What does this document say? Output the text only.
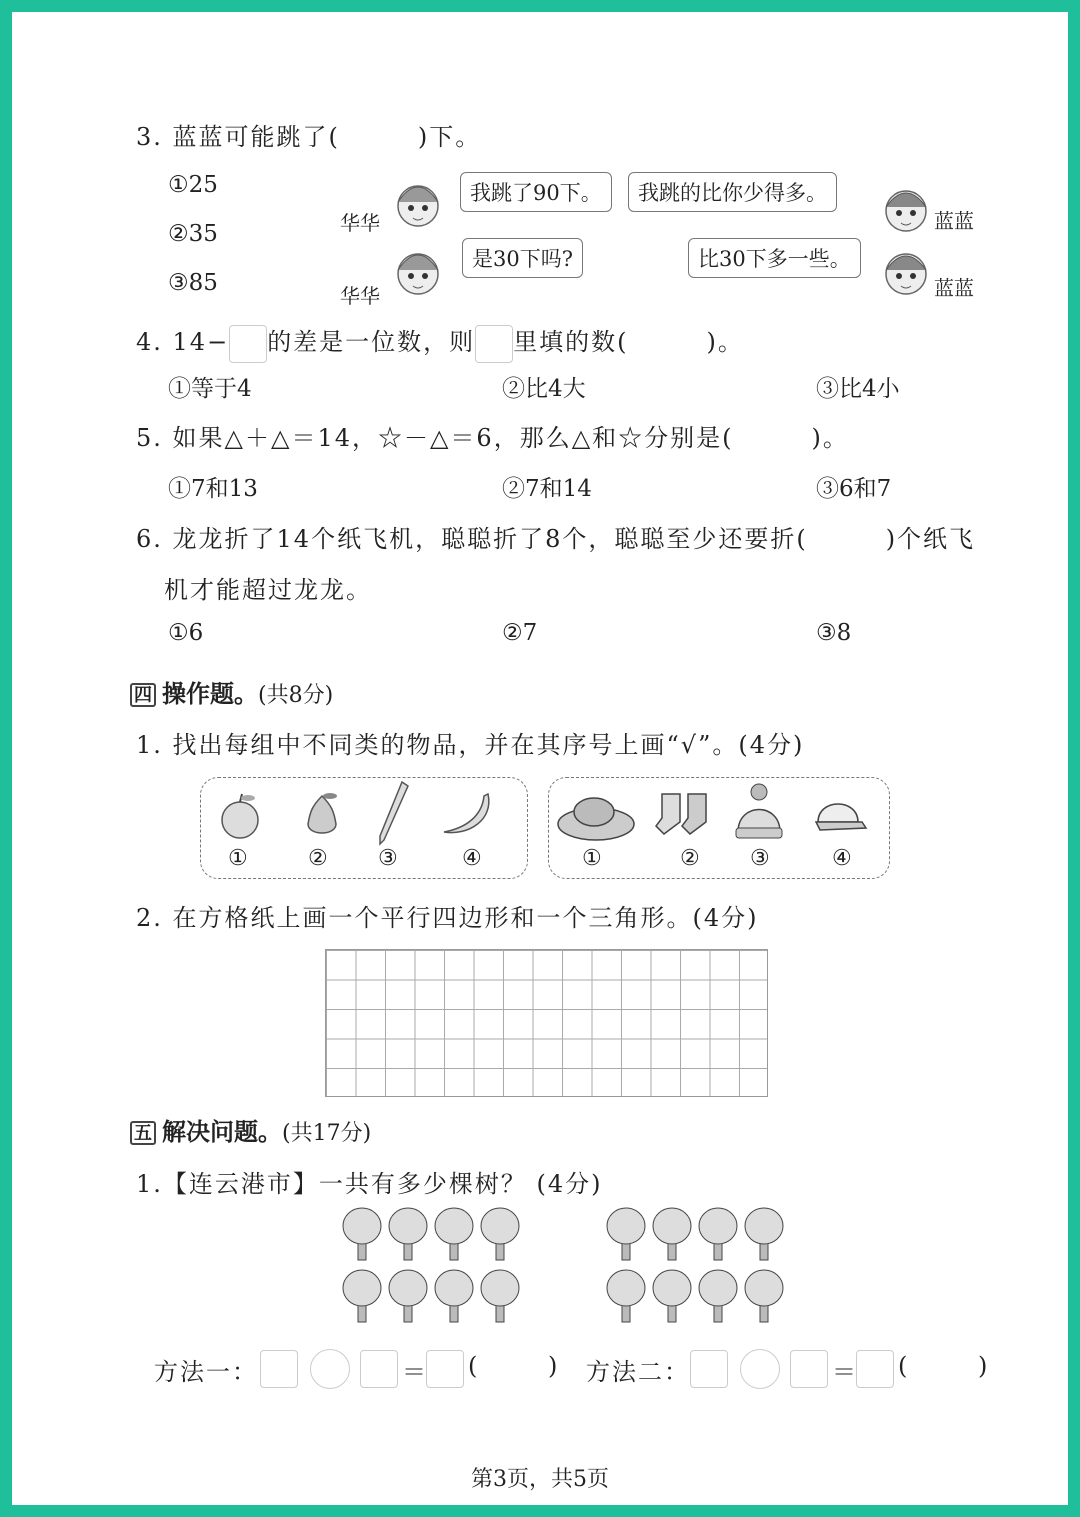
3. 蓝蓝可能跳了(　　　)下。
①25
②35
③85
华华
我跳了90下。	我跳的比你少得多。
蓝蓝
华华
是30下吗?	比30下多一些。
蓝蓝
4. 14− 的差是一位数，则 里填的数(　　　)。
①等于4	②比4大	③比4小
5. 如果△＋△＝14，☆－△＝6，那么△和☆分别是(　　　)。
①7和13	②7和14	③6和7
6. 龙龙折了14个纸飞机，聪聪折了8个，聪聪至少还要折(　　　)个纸飞
机才能超过龙龙。
①6	②7	③8
四 操作题。(共8分)
1. 找出每组中不同类的物品，并在其序号上画“√”。(4分)
①	② ③	④	①	② ③	④
2. 在方格纸上画一个平行四边形和一个三角形。(4分)
五 解决问题。(共17分)
1.【连云港市】一共有多少棵树？ (4分)
方法一：	＝ (	) 方法二：	＝ (	)
第3页，共5页
